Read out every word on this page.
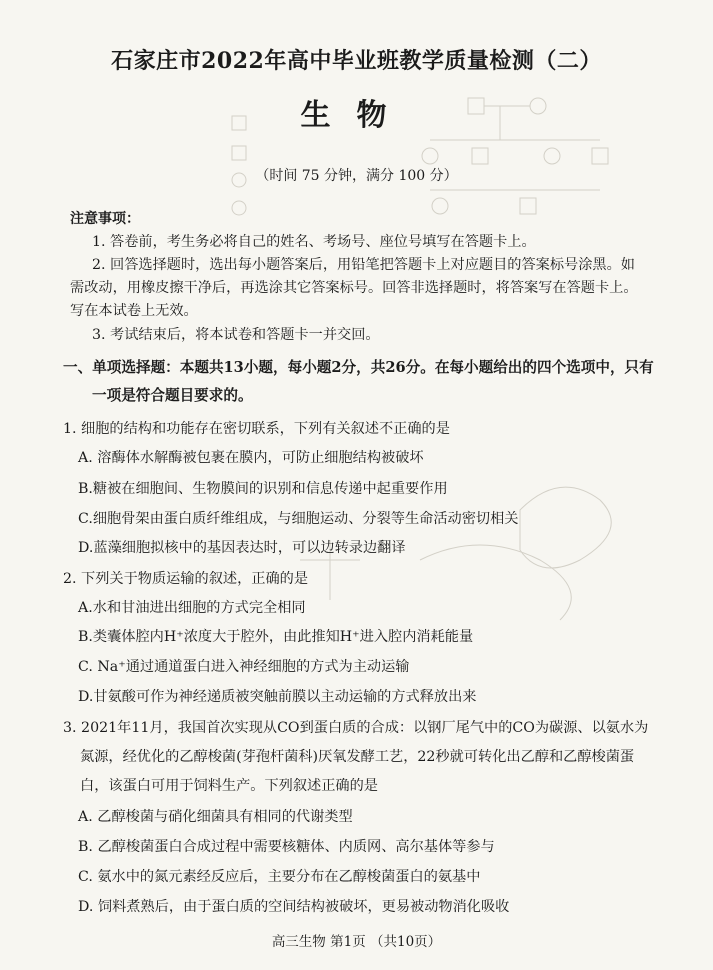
石家庄市2022年高中毕业班教学质量检测（二）
生物
（时间 75 分钟，满分 100 分）
注意事项：
1. 答卷前，考生务必将自己的姓名、考场号、座位号填写在答题卡上。
2. 回答选择题时，选出每小题答案后，用铅笔把答题卡上对应题目的答案标号涂黑。如
需改动，用橡皮擦干净后，再选涂其它答案标号。回答非选择题时，将答案写在答题卡上。
写在本试卷上无效。
3. 考试结束后，将本试卷和答题卡一并交回。
一、单项选择题：本题共13小题，每小题2分，共26分。在每小题给出的四个选项中，只有
一项是符合题目要求的。
1. 细胞的结构和功能存在密切联系，下列有关叙述不正确的是
A. 溶酶体水解酶被包裹在膜内，可防止细胞结构被破坏
B.糖被在细胞间、生物膜间的识别和信息传递中起重要作用
C.细胞骨架由蛋白质纤维组成，与细胞运动、分裂等生命活动密切相关
D.蓝藻细胞拟核中的基因表达时，可以边转录边翻译
2. 下列关于物质运输的叙述，正确的是
A.水和甘油进出细胞的方式完全相同
B.类囊体腔内H⁺浓度大于腔外，由此推知H⁺进入腔内消耗能量
C. Na⁺通过通道蛋白进入神经细胞的方式为主动运输
D.甘氨酸可作为神经递质被突触前膜以主动运输的方式释放出来
3. 2021年11月，我国首次实现从CO到蛋白质的合成：以钢厂尾气中的CO为碳源、以氨水为
氮源，经优化的乙醇梭菌(芽孢杆菌科)厌氧发酵工艺，22秒就可转化出乙醇和乙醇梭菌蛋
白，该蛋白可用于饲料生产。下列叙述正确的是
A. 乙醇梭菌与硝化细菌具有相同的代谢类型
B. 乙醇梭菌蛋白合成过程中需要核糖体、内质网、高尔基体等参与
C. 氨水中的氮元素经反应后，主要分布在乙醇梭菌蛋白的氨基中
D. 饲料煮熟后，由于蛋白质的空间结构被破坏，更易被动物消化吸收
高三生物 第1页 （共10页）
